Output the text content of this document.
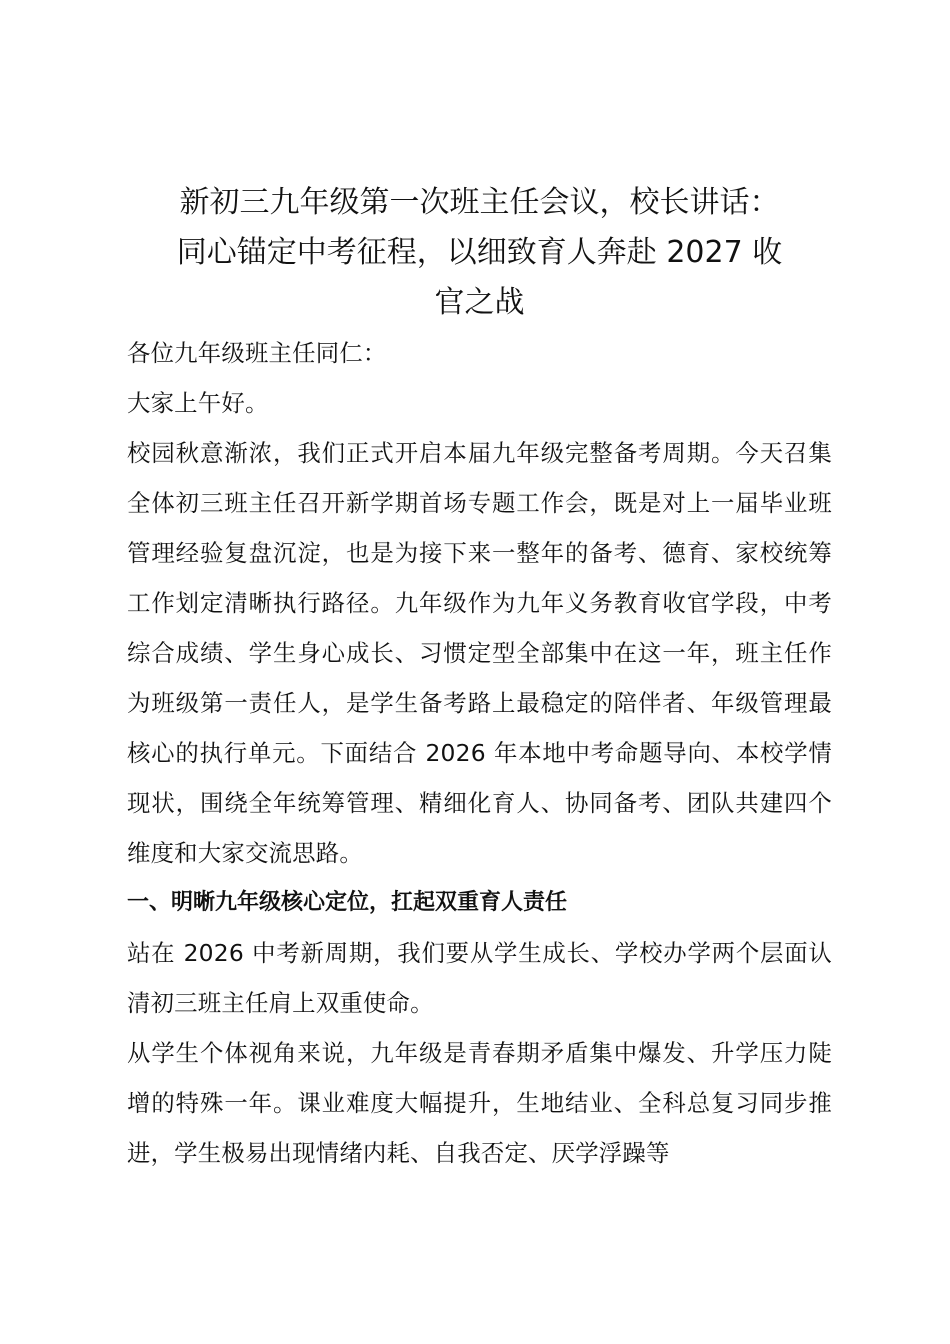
新初三九年级第一次班主任会议，校长讲话：
同心锚定中考征程，以细致育人奔赴 2027 收
官之战

各位九年级班主任同仁：

大家上午好。

校园秋意渐浓，我们正式开启本届九年级完整备考周期。今天召集全体初三班主任召开新学期首场专题工作会，既是对上一届毕业班管理经验复盘沉淀，也是为接下来一整年的备考、德育、家校统筹工作划定清晰执行路径。九年级作为九年义务教育收官学段，中考综合成绩、学生身心成长、习惯定型全部集中在这一年，班主任作为班级第一责任人，是学生备考路上最稳定的陪伴者、年级管理最核心的执行单元。下面结合 2026 年本地中考命题导向、本校学情现状，围绕全年统筹管理、精细化育人、协同备考、团队共建四个维度和大家交流思路。

一、明晰九年级核心定位，扛起双重育人责任

站在 2026 中考新周期，我们要从学生成长、学校办学两个层面认清初三班主任肩上双重使命。

从学生个体视角来说，九年级是青春期矛盾集中爆发、升学压力陡增的特殊一年。课业难度大幅提升，生地结业、全科总复习同步推进，学生极易出现情绪内耗、自我否定、厌学浮躁等
